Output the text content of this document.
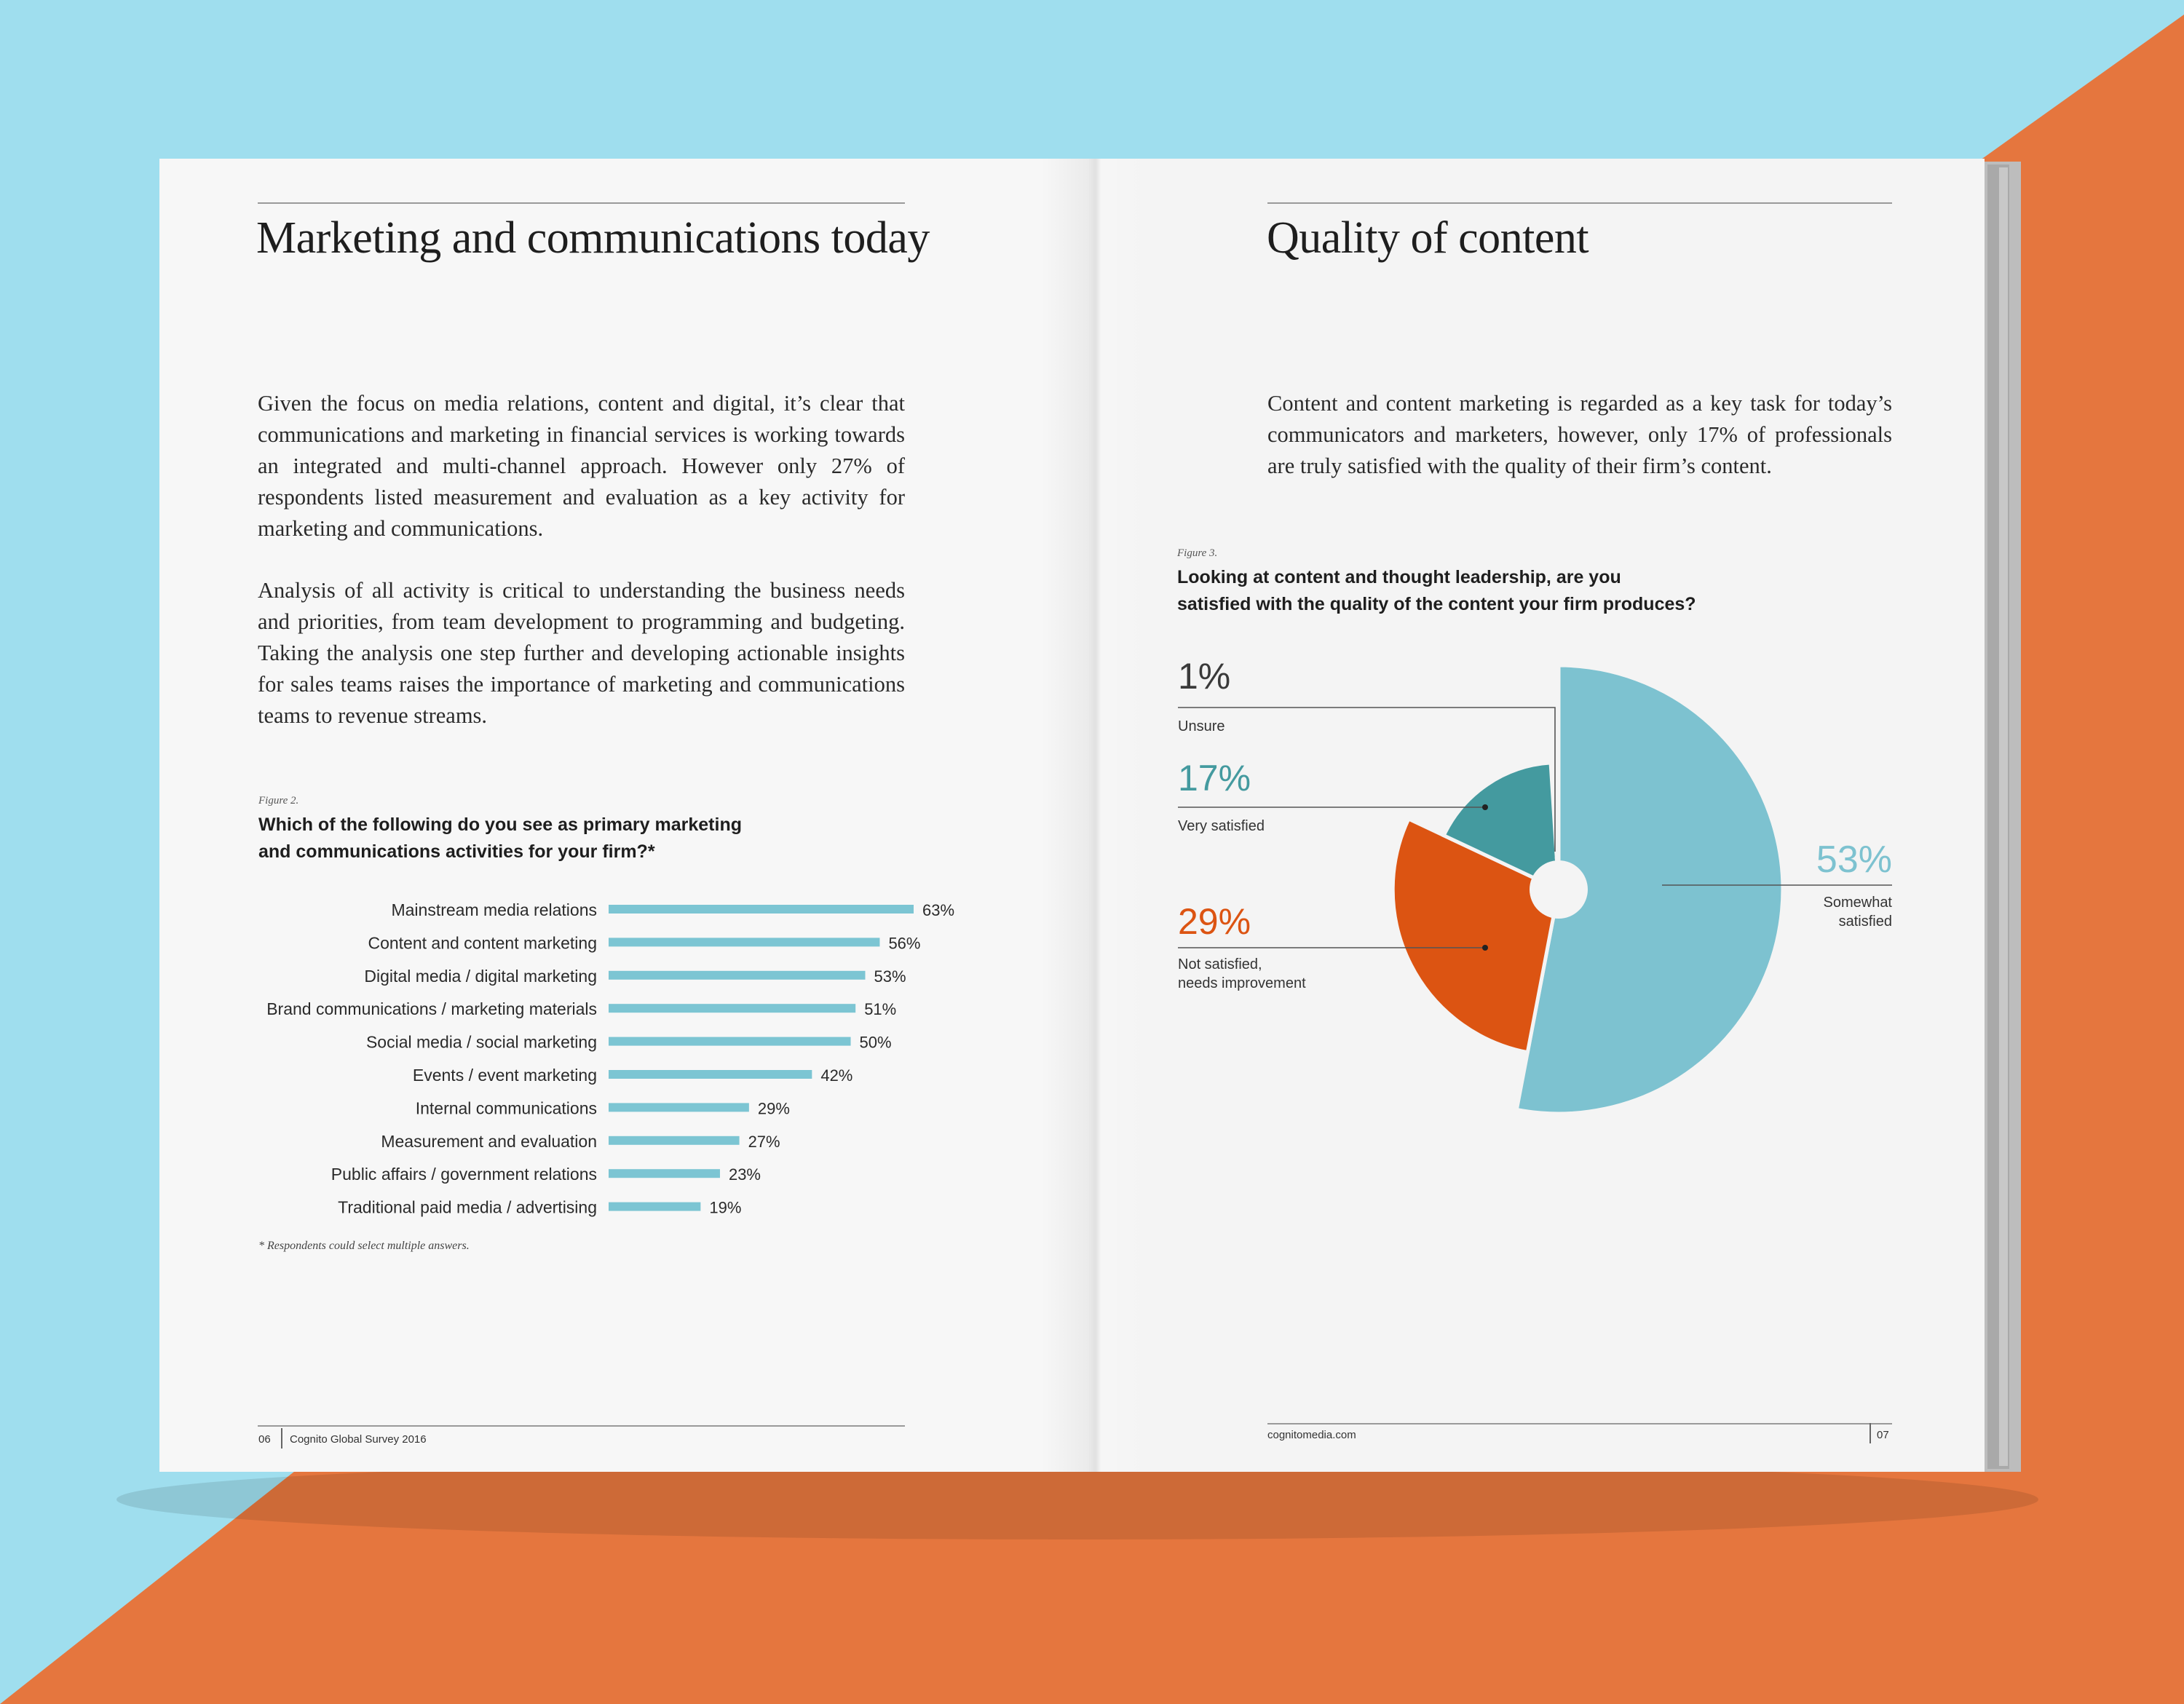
Marketing and communications today

Given the focus on media relations, content and digital, it’s clear that communications and marketing in financial services is working towards an integrated and multi-channel approach. However only 27% of respondents listed measurement and evaluation as a key activity for marketing and communications.

Analysis of all activity is critical to understanding the business needs and priorities, from team development to programming and budgeting. Taking the analysis one step further and developing actionable insights for sales teams raises the importance of marketing and communications teams to revenue streams.

Figure 2.

Which of the following do you see as primary marketing
and communications activities for your firm?*

Mainstream media relations	63%
Content and content marketing	56%
Digital media / digital marketing	53%
Brand communications / marketing materials	51%
Social media / social marketing	50%
Events / event marketing	42%
Internal communications	29%
Measurement and evaluation	27%
Public affairs / government relations	23%
Traditional paid media / advertising	19%
* Respondents could select multiple answers.
06 Cognito Global Survey 2016
Quality of content

Content and content marketing is regarded as a key task for today’s communicators and marketers, however, only 17% of professionals are truly satisfied with the quality of their firm’s content.

Figure 3.

Looking at content and thought leadership, are you
satisfied with the quality of the content your firm produces?

1%
Unsure
17%
Very satisfied
29%
Not satisfied,
needs improvement
53%
Somewhat
satisfied
cognitomedia.com	07
